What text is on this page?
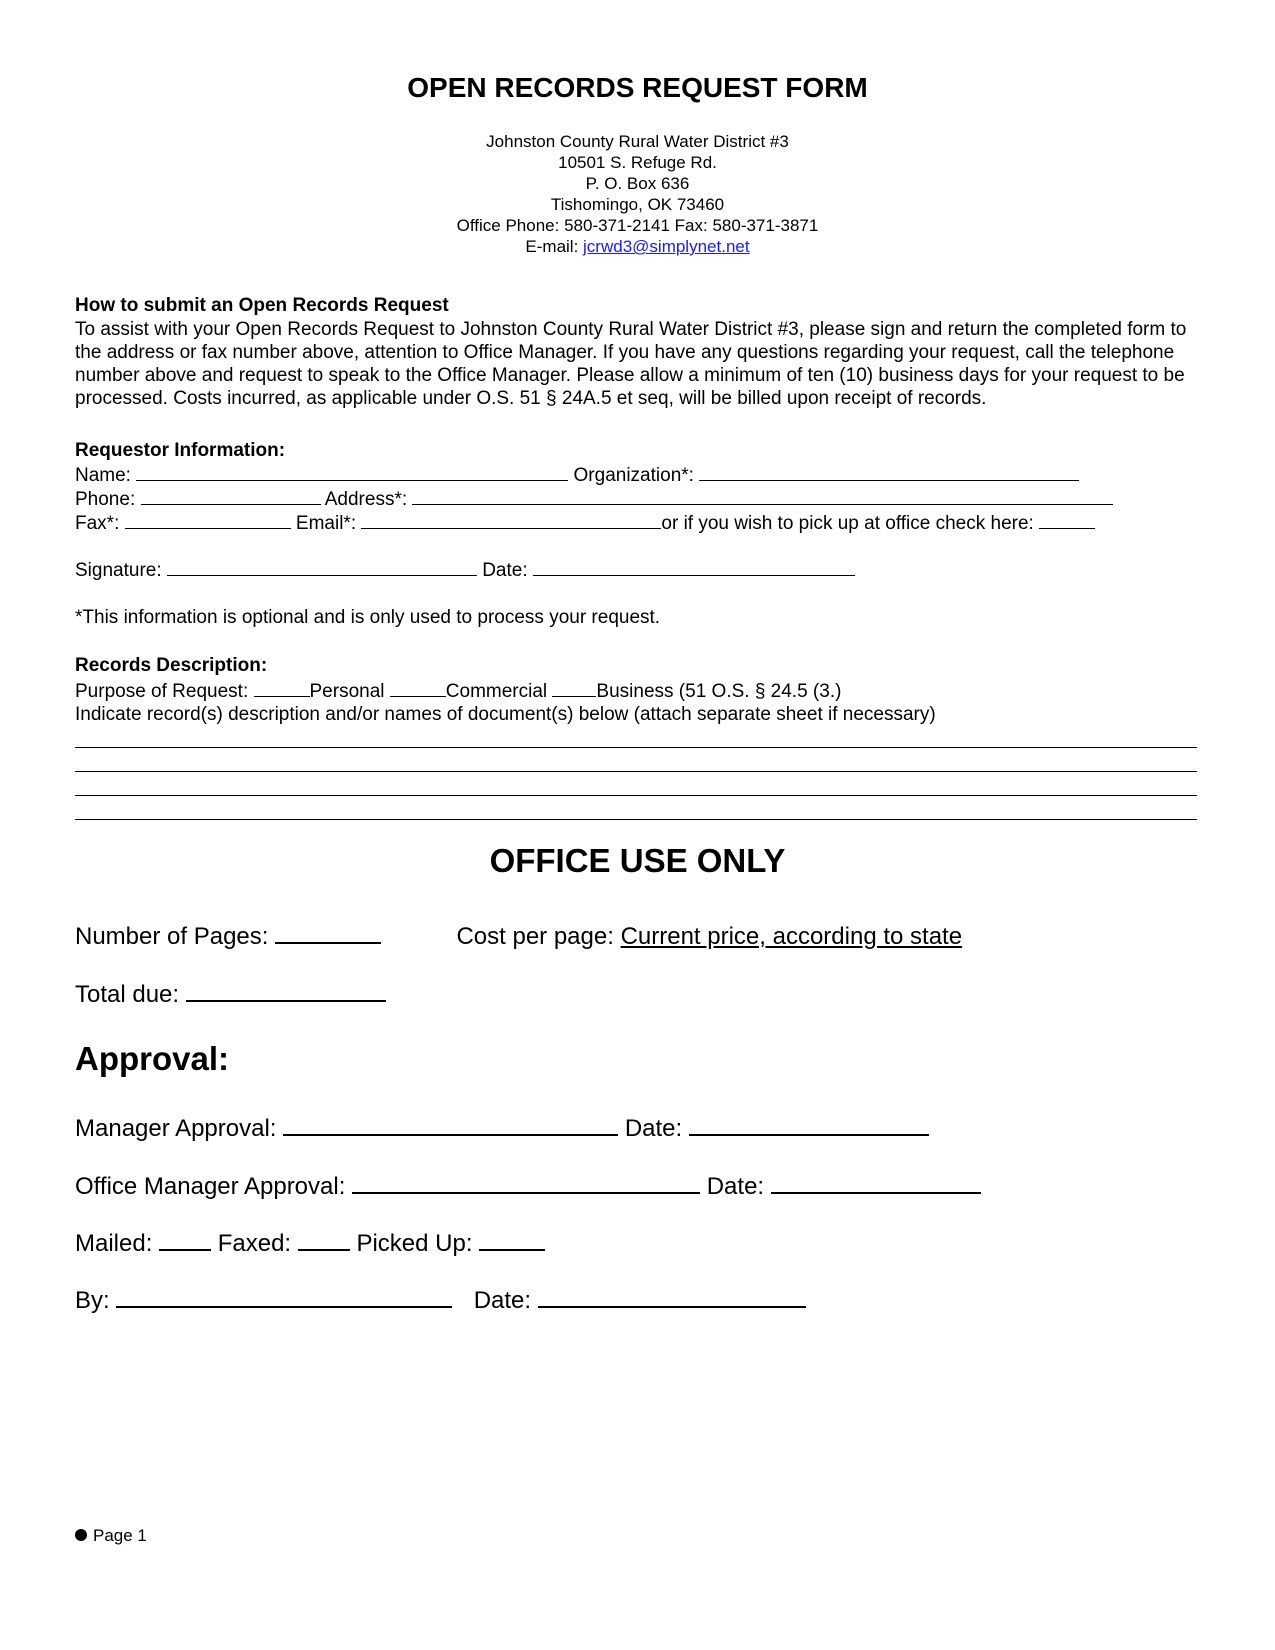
OPEN RECORDS REQUEST FORM
Johnston County Rural Water District #3
10501 S. Refuge Rd.
P. O. Box 636
Tishomingo, OK 73460
Office Phone: 580-371-2141 Fax: 580-371-3871
E-mail: jcrwd3@simplynet.net
How to submit an Open Records Request
To assist with your Open Records Request to Johnston County Rural Water District #3, please sign and return the completed form to the address or fax number above, attention to Office Manager. If you have any questions regarding your request, call the telephone number above and request to speak to the Office Manager. Please allow a minimum of ten (10) business days for your request to be processed. Costs incurred, as applicable under O.S. 51 § 24A.5 et seq, will be billed upon receipt of records.
Requestor Information:
Name:	Organization*:
Phone:	Address*:
Fax*:	Email*:	or if you wish to pick up at office check here:
Signature:	Date:
*This information is optional and is only used to process your request.
Records Description:
Purpose of Request:	Personal	Commercial	Business (51 O.S. § 24.5 (3.)
Indicate record(s) description and/or names of document(s) below (attach separate sheet if necessary)
OFFICE USE ONLY
Number of Pages:	Cost per page: Current price, according to state
Total due:
Approval:
Manager Approval:	Date:
Office Manager Approval:	Date:
Mailed:	Faxed:	Picked Up:
By:	Date:
Page 1
